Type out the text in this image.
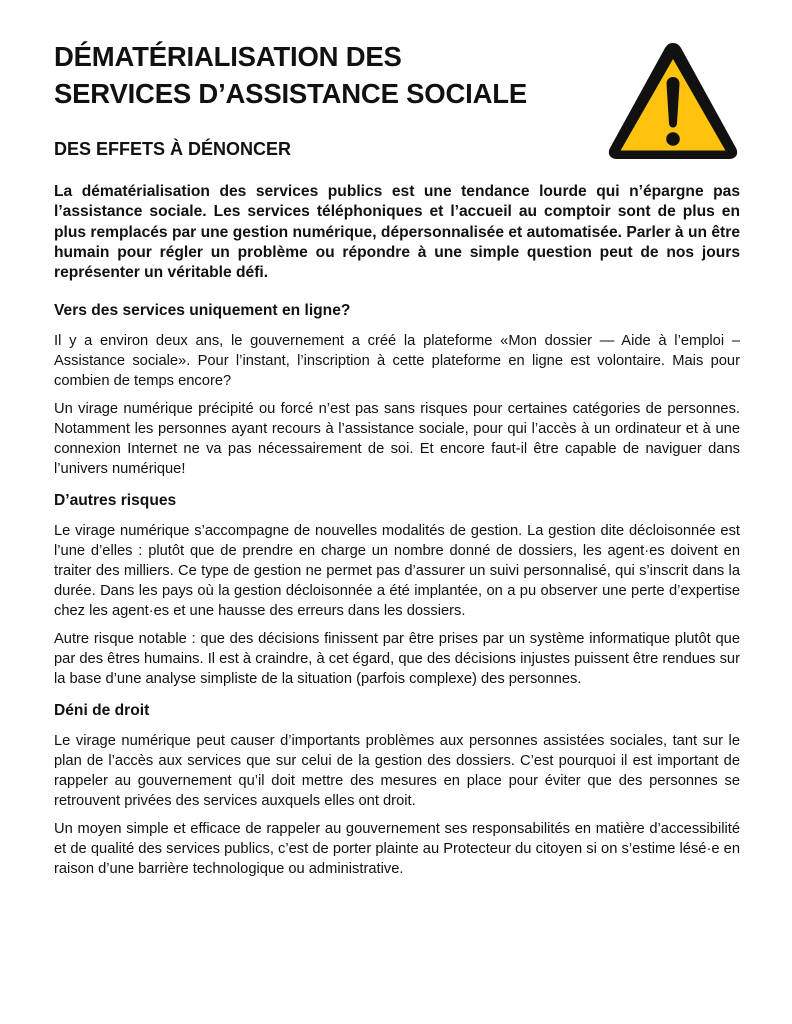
DÉMATÉRIALISATION DES
SERVICES D’ASSISTANCE SOCIALE
DES EFFETS À DÉNONCER

La dématérialisation des services publics est une tendance lourde qui n’épargne pas l’assistance sociale. Les services téléphoniques et l’accueil au comptoir sont de plus en plus remplacés par une gestion numérique, dépersonnalisée et automatisée. Parler à un être humain pour régler un problème ou répondre à une simple question peut de nos jours représenter un véritable défi.

Vers des services uniquement en ligne?

Il y a environ deux ans, le gouvernement a créé la plateforme «Mon dossier — Aide à l’emploi – Assistance sociale». Pour l’instant, l’inscription à cette plateforme en ligne est volontaire. Mais pour combien de temps encore?

Un virage numérique précipité ou forcé n’est pas sans risques pour certaines catégories de personnes. Notamment les personnes ayant recours à l’assistance sociale, pour qui l’accès à un ordinateur et à une connexion Internet ne va pas nécessairement de soi. Et encore faut-il être capable de naviguer dans l’univers numérique!

D’autres risques

Le virage numérique s’accompagne de nouvelles modalités de gestion. La gestion dite décloisonnée est l’une d’elles : plutôt que de prendre en charge un nombre donné de dossiers, les agent·es doivent en traiter des milliers. Ce type de gestion ne permet pas d’assurer un suivi personnalisé, qui s’inscrit dans la durée. Dans les pays où la gestion décloisonnée a été implantée, on a pu observer une perte d’expertise chez les agent·es et une hausse des erreurs dans les dossiers.

Autre risque notable : que des décisions finissent par être prises par un système informatique plutôt que par des êtres humains. Il est à craindre, à cet égard, que des décisions injustes puissent être rendues sur la base d’une analyse simpliste de la situation (parfois complexe) des personnes.

Déni de droit

Le virage numérique peut causer d’importants problèmes aux personnes assistées sociales, tant sur le plan de l’accès aux services que sur celui de la gestion des dossiers. C’est pourquoi il est important de rappeler au gouvernement qu’il doit mettre des mesures en place pour éviter que des personnes se retrouvent privées des services auxquels elles ont droit.

Un moyen simple et efficace de rappeler au gouvernement ses responsabilités en matière d’accessibilité et de qualité des services publics, c’est de porter plainte au Protecteur du citoyen si on s’estime lésé·e en raison d’une barrière technologique ou administrative.
